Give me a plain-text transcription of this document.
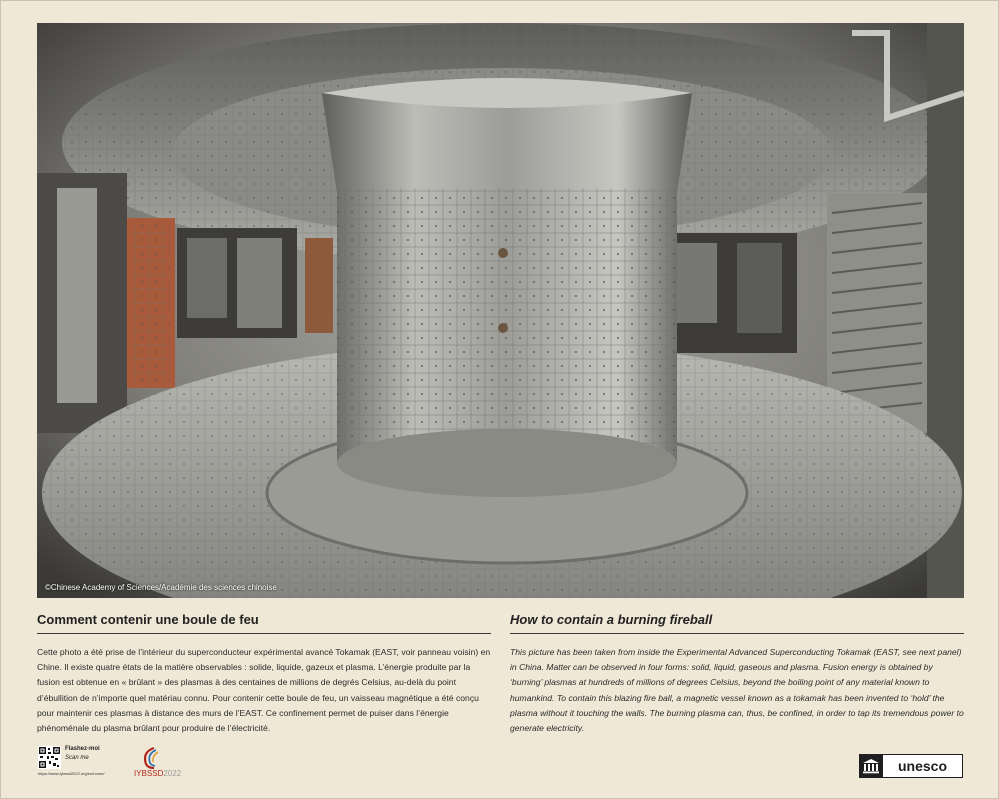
©Chinese Academy of Sciences/Académie des sciences chinoise
Comment contenir une boule de feu
Cette photo a été prise de l’intérieur du superconducteur expérimental avancé Tokamak (EAST, voir panneau voisin) en Chine. Il existe quatre états de la matière observables : solide, liquide, gazeux et plasma. L’énergie produite par la fusion est obtenue en « brûlant » des plasmas à des centaines de millions de degrés Celsius, au-delà du point d’ébullition de n’importe quel matériau connu. Pour contenir cette boule de feu, un vaisseau magnétique a été conçu pour maintenir ces plasmas à distance des murs de l’EAST. Ce confinement permet de puiser dans l’énergie phénoménale du plasma brûlant pour produire de l’électricité.
How to contain a burning fireball
This picture has been taken from inside the Experimental Advanced Superconducting Tokamak (EAST, see next panel) in China. Matter can be observed in four forms: solid, liquid, gaseous and plasma. Fusion energy is obtained by ‘burning’ plasmas at hundreds of millions of degrees Celsius, beyond the boiling point of any material known to humankind. To contain this blazing fire ball, a magnetic vessel known as a tokamak has been invented to ‘hold’ the plasma without it touching the walls. The burning plasma can, thus, be confined, in order to tap its tremendous power to generate electricity.
Flashez-moi
Scan me
https://www.iybssd2022.org/en/home/	IYBSSD2022	unesco
